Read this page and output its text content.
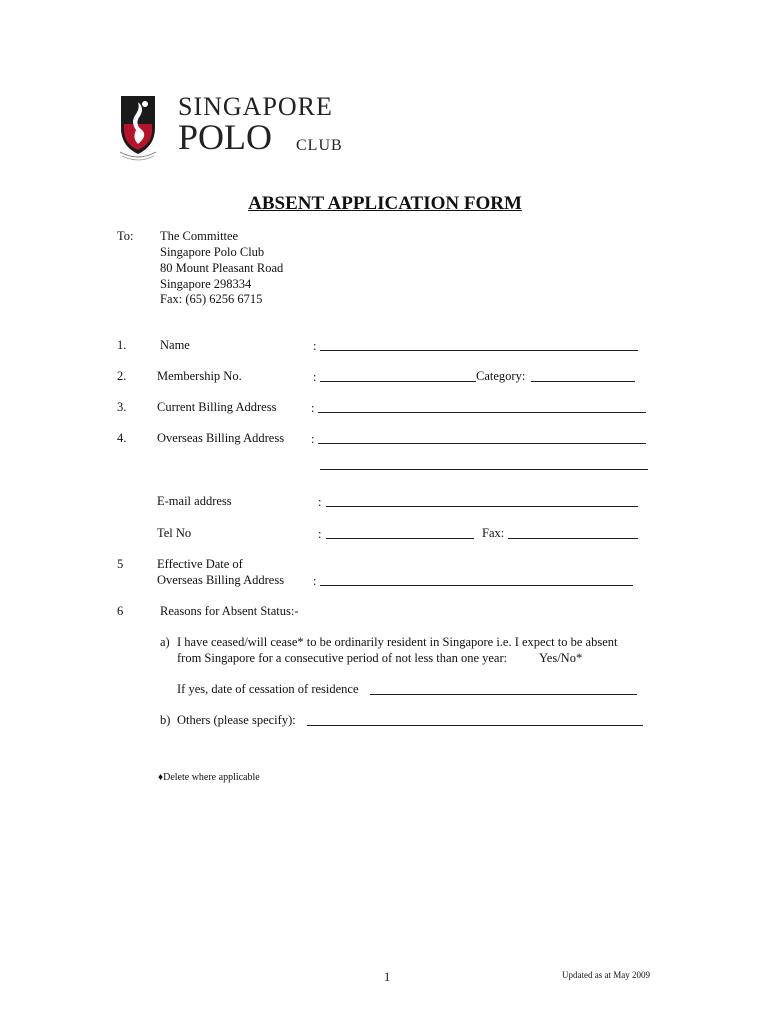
SINGAPORE
POLO CLUB
ABSENT APPLICATION FORM
To: The Committee
Singapore Polo Club
80 Mount Pleasant Road
Singapore 298334
Fax: (65) 6256 6715
1.	Name	:
2. Membership No.	:	Category:
3. Current Billing Address	:
4. Overseas Billing Address :
E-mail address	:
Tel No	:	Fax:
5	Effective Date of
Overseas Billing Address :
6	Reasons for Absent Status:-
a) I have ceased/will cease* to be ordinarily resident in Singapore i.e. I expect to be absent
from Singapore for a consecutive period of not less than one year:	Yes/No*
If yes, date of cessation of residence
b) Others (please specify):
♦Delete where applicable
1	Updated as at May 2009
